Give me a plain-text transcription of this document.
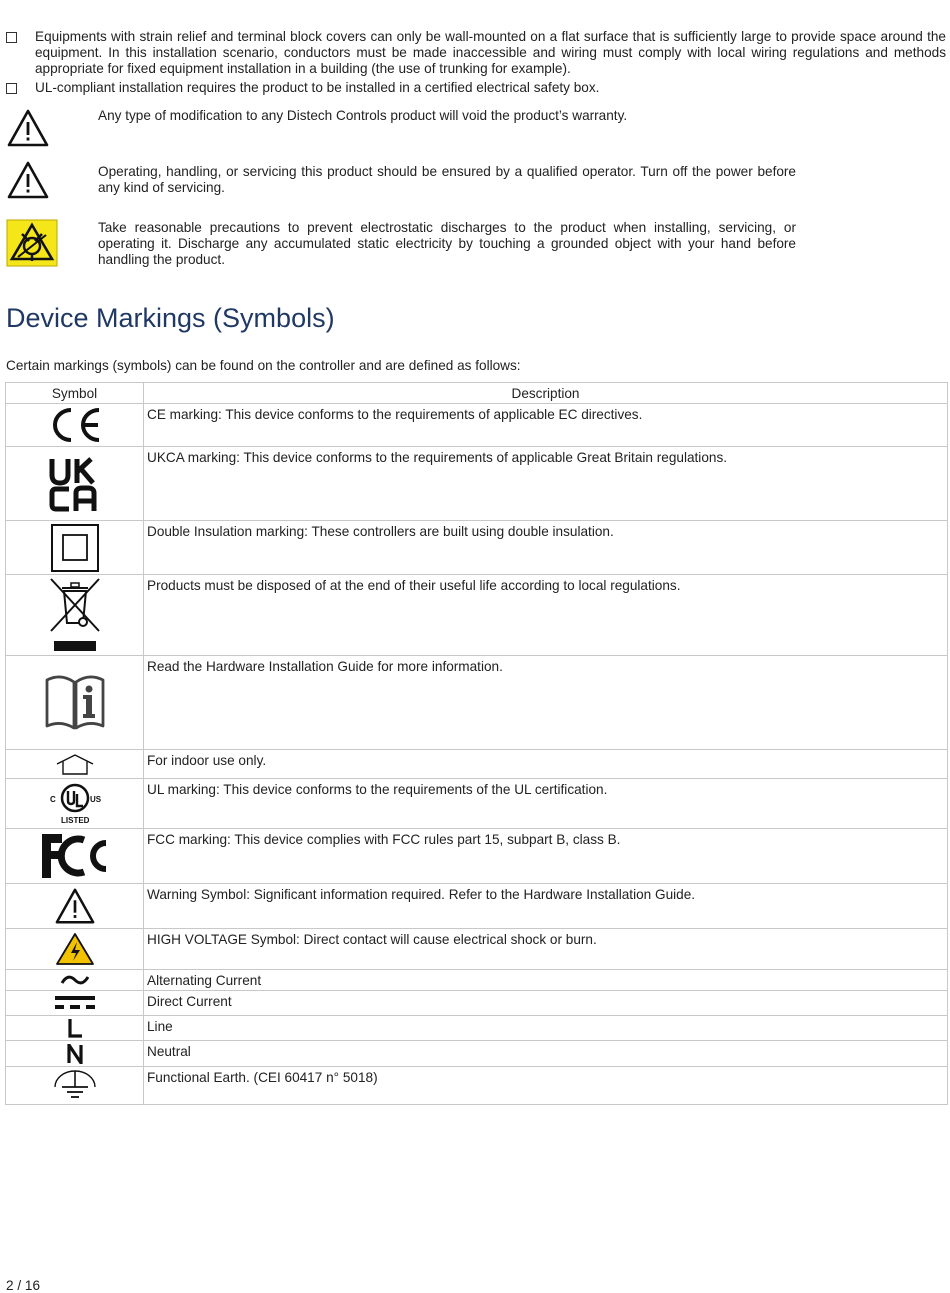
Equipments with strain relief and terminal block covers can only be wall-mounted on a flat surface that is sufficiently large to provide space around the equipment. In this installation scenario, conductors must be made inaccessible and wiring must comply with local wiring regulations and methods appropriate for fixed equipment installation in a building (the use of trunking for example).
UL-compliant installation requires the product to be installed in a certified electrical safety box.
Any type of modification to any Distech Controls product will void the product’s warranty.
Operating, handling, or servicing this product should be ensured by a qualified operator. Turn off the power before any kind of servicing.
Take reasonable precautions to prevent electrostatic discharges to the product when installing, servicing, or operating it. Discharge any accumulated static electricity by touching a grounded object with your hand before handling the product.
Device Markings (Symbols)
Certain markings (symbols) can be found on the controller and are defined as follows:
Symbol	Description

	CE marking: This device conforms to the requirements of applicable EC directives.

	UKCA marking: This device conforms to the requirements of applicable Great Britain regulations.

	Double Insulation marking: These controllers are built using double insulation.

	Products must be disposed of at the end of their useful life according to local regulations.

	Read the Hardware Installation Guide for more information.

	For indoor use only.

C US
LISTED	UL marking: This device conforms to the requirements of the UL certification.

	FCC marking: This device complies with FCC rules part 15, subpart B, class B.

	Warning Symbol: Significant information required. Refer to the Hardware Installation Guide.

	HIGH VOLTAGE Symbol: Direct contact will cause electrical shock or burn.

	Alternating Current

	Direct Current

	Line

	Neutral

	Functional Earth. (CEI 60417 n° 5018)
2 / 16
